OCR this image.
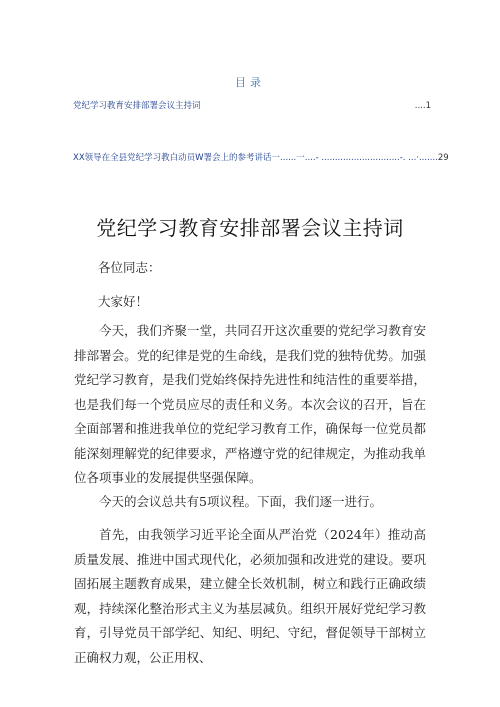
目录
党纪学习教育安排部署会议主持词	....1
XX领导在全县党纪学习教白动员W署会上的参考讲话一......一....- .............................-. ...·....... 29
党纪学习教育安排部署会议主持词

各位同志：

大家好！

今天，我们齐聚一堂，共同召开这次重要的党纪学习教育安排部署会。党的纪律是党的生命线，是我们党的独特优势。加强党纪学习教育，是我们党始终保持先进性和纯洁性的重要举措，也是我们每一个党员应尽的责任和义务。本次会议的召开，旨在全面部署和推进我单位的党纪学习教育工作，确保每一位党员都能深刻理解党的纪律要求，严格遵守党的纪律规定，为推动我单位各项事业的发展提供坚强保障。

今天的会议总共有5项议程。下面，我们逐一进行。

首先，由我领学习近平论全面从严治党（2024年）推动高质量发展、推进中国式现代化，必须加强和改进党的建设。要巩固拓展主题教育成果，建立健全长效机制，树立和践行正确政绩观，持续深化整治形式主义为基层减负。组织开展好党纪学习教育，引导党员干部学纪、知纪、明纪、守纪，督促领导干部树立正确权力观，公正用权、
